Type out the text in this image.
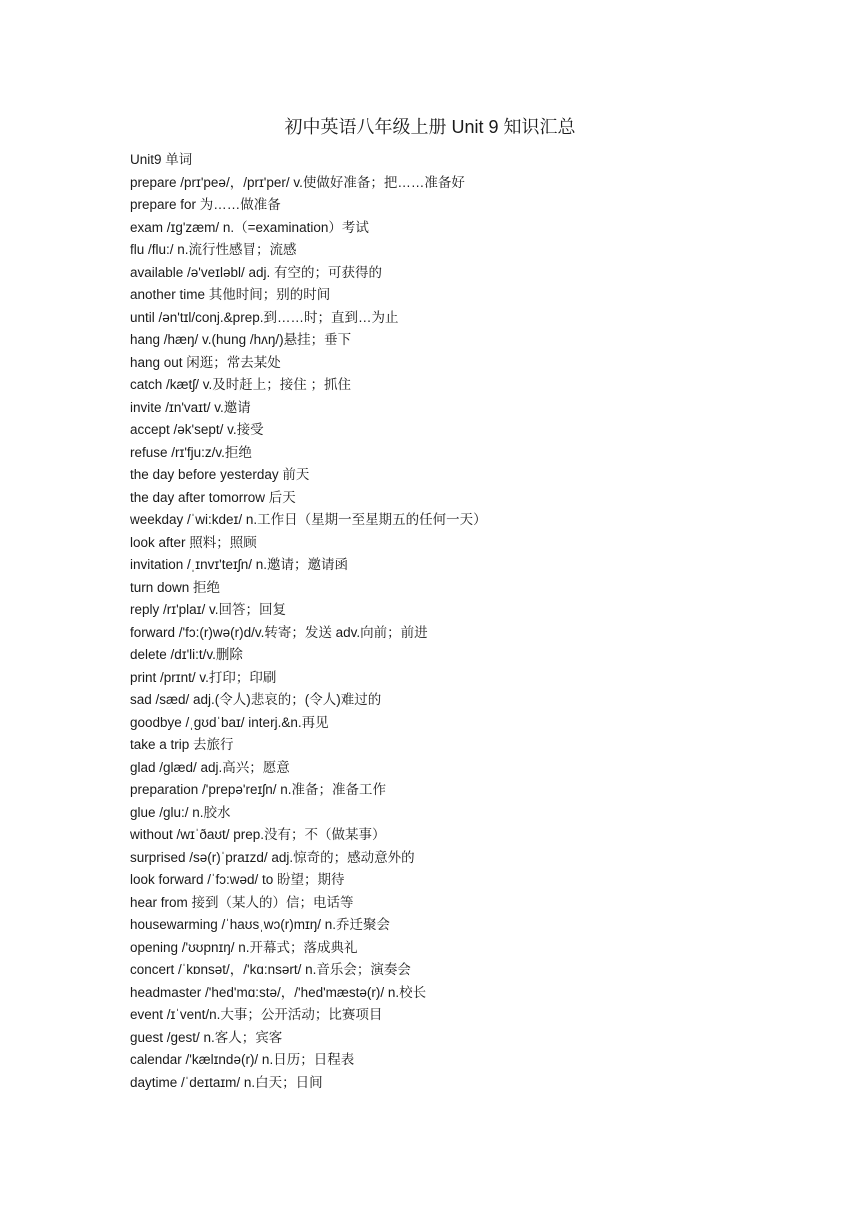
初中英语八年级上册 Unit 9 知识汇总
Unit9 单词
prepare /prɪ'peə/，/prɪ'per/ v.使做好准备；把……准备好
prepare for 为……做准备
exam /ɪɡ'zæm/ n.（=examination）考试
flu /flu:/ n.流行性感冒；流感
available /ə'veɪləbl/ adj. 有空的；可获得的
another time 其他时间；别的时间
until /ən'tɪl/conj.&prep.到……时；直到…为止
hang /hæŋ/ v.(hung /hʌŋ/)悬挂；垂下
hang out 闲逛；常去某处
catch /kætʃ/ v.及时赶上；接住 ；抓住
invite /ɪn'vaɪt/ v.邀请
accept /ək'sept/ v.接受
refuse /rɪ'fju:z/v.拒绝
the day before yesterday 前天
the day after tomorrow 后天
weekday /ˈwi:kdeɪ/ n.工作日（星期一至星期五的任何一天）
look after 照料；照顾
invitation /ˌɪnvɪ'teɪʃn/ n.邀请；邀请函
turn down 拒绝
reply /rɪ'plaɪ/ v.回答；回复
forward /'fɔ:(r)wə(r)d/v.转寄；发送 adv.向前；前进
delete /dɪ'li:t/v.删除
print /prɪnt/ v.打印；印刷
sad /sæd/ adj.(令人)悲哀的；(令人)难过的
goodbye /ˌɡʊdˈbaɪ/ interj.&n.再见
take a trip 去旅行
glad /glæd/ adj.高兴；愿意
preparation /'prepə'reɪʃn/ n.准备；准备工作
glue /glu:/ n.胶水
without /wɪˈðaʊt/ prep.没有；不（做某事）
surprised /sə(r)ˈpraɪzd/ adj.惊奇的；感动意外的
look forward /ˈfɔ:wəd/ to 盼望；期待
hear from 接到（某人的）信；电话等
housewarming /ˈhaʊsˌwɔ(r)mɪŋ/ n.乔迁聚会
opening /'ʊʊpnɪŋ/ n.开幕式；落成典礼
concert /ˈkɒnsət/，/'kɑ:nsərt/ n.音乐会；演奏会
headmaster /'hed'mɑ:stə/，/'hed'mæstə(r)/ n.校长
event /ɪˈvent/n.大事；公开活动；比赛项目
guest /ɡest/ n.客人；宾客
calendar /'kælɪndə(r)/ n.日历；日程表
daytime /ˈdeɪtaɪm/ n.白天；日间
